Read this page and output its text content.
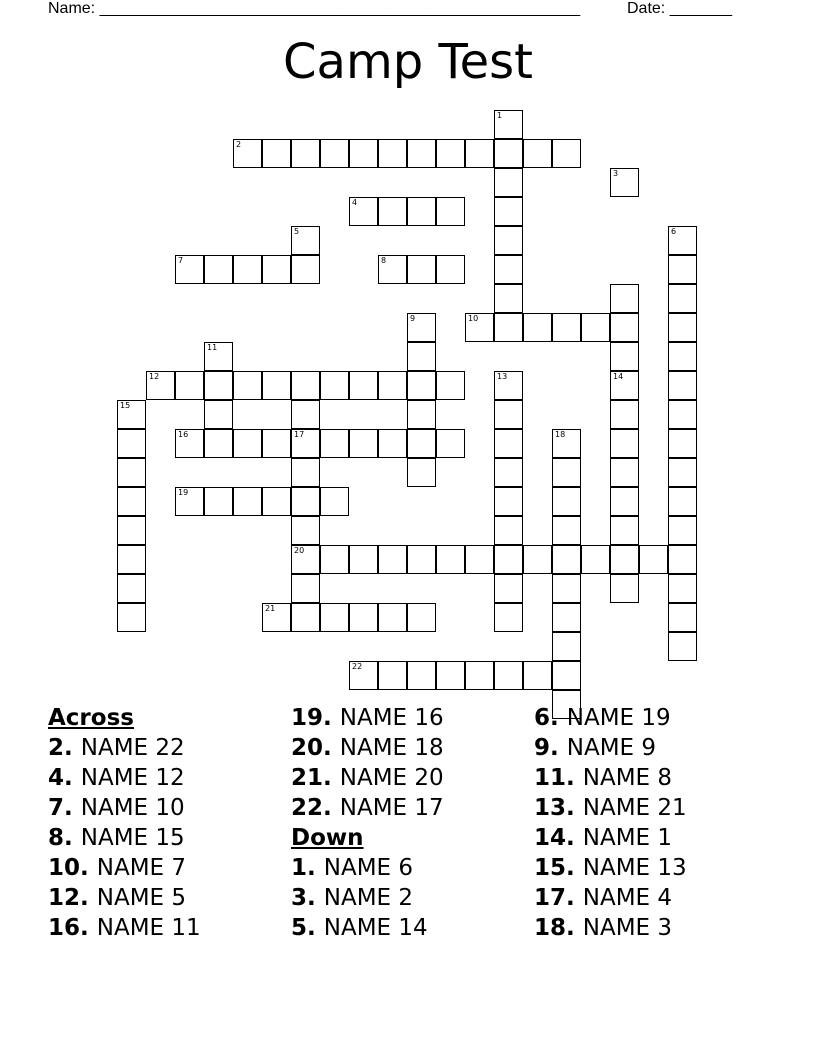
Name: ______________________________________________________	Date: _______
Camp Test
2
4
7	8
10
12
16	17
19
20
21
22
1
14
6
9
11
13
15
18
3
5
Across
2. NAME 22
4. NAME 12
7. NAME 10
8. NAME 15
10. NAME 7
12. NAME 5
16. NAME 11
19. NAME 16
20. NAME 18
21. NAME 20
22. NAME 17
Down
1. NAME 6
3. NAME 2
5. NAME 14
6. NAME 19
9. NAME 9
11. NAME 8
13. NAME 21
14. NAME 1
15. NAME 13
17. NAME 4
18. NAME 3
